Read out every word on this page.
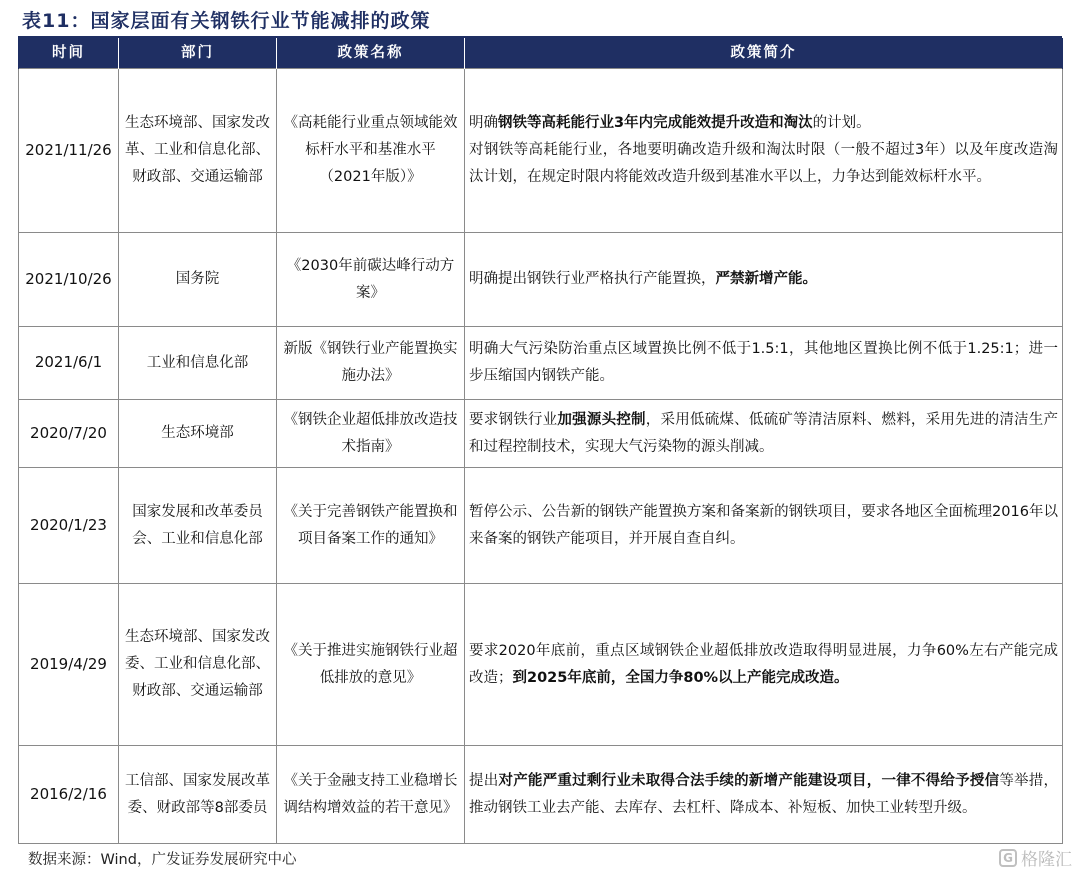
表11：国家层面有关钢铁行业节能减排的政策
时间	部门	政策名称	政策简介
2021/11/26	生态环境部、国家发改革、工业和信息化部、财政部、交通运输部	《高耗能行业重点领域能效标杆水平和基准水平（2021年版）》	明确钢铁等高耗能行业3年内完成能效提升改造和淘汰的计划。
对钢铁等高耗能行业，各地要明确改造升级和淘汰时限（一般不超过3年）以及年度改造淘汰计划，在规定时限内将能效改造升级到基准水平以上，力争达到能效标杆水平。

2021/10/26	国务院	《2030年前碳达峰行动方案》	明确提出钢铁行业严格执行产能置换，严禁新增产能。

2021/6/1	工业和信息化部	新版《钢铁行业产能置换实施办法》	明确大气污染防治重点区域置换比例不低于1.5:1，其他地区置换比例不低于1.25:1；进一步压缩国内钢铁产能。

2020/7/20	生态环境部	《钢铁企业超低排放改造技术指南》	要求钢铁行业加强源头控制，采用低硫煤、低硫矿等清洁原料、燃料，采用先进的清洁生产和过程控制技术，实现大气污染物的源头削减。

2020/1/23	国家发展和改革委员会、工业和信息化部	《关于完善钢铁产能置换和项目备案工作的通知》	暂停公示、公告新的钢铁产能置换方案和备案新的钢铁项目，要求各地区全面梳理2016年以来备案的钢铁产能项目，并开展自查自纠。

2019/4/29	生态环境部、国家发改委、工业和信息化部、财政部、交通运输部	《关于推进实施钢铁行业超低排放的意见》	要求2020年底前，重点区域钢铁企业超低排放改造取得明显进展，力争60%左右产能完成改造；到2025年底前，全国力争80%以上产能完成改造。

2016/2/16	工信部、国家发展改革委、财政部等8部委员	《关于金融支持工业稳增长调结构增效益的若干意见》	提出对产能严重过剩行业未取得合法手续的新增产能建设项目，一律不得给予授信等举措，推动钢铁工业去产能、去库存、去杠杆、降成本、补短板、加快工业转型升级。
数据来源：Wind，广发证券发展研究中心	G 格隆汇
